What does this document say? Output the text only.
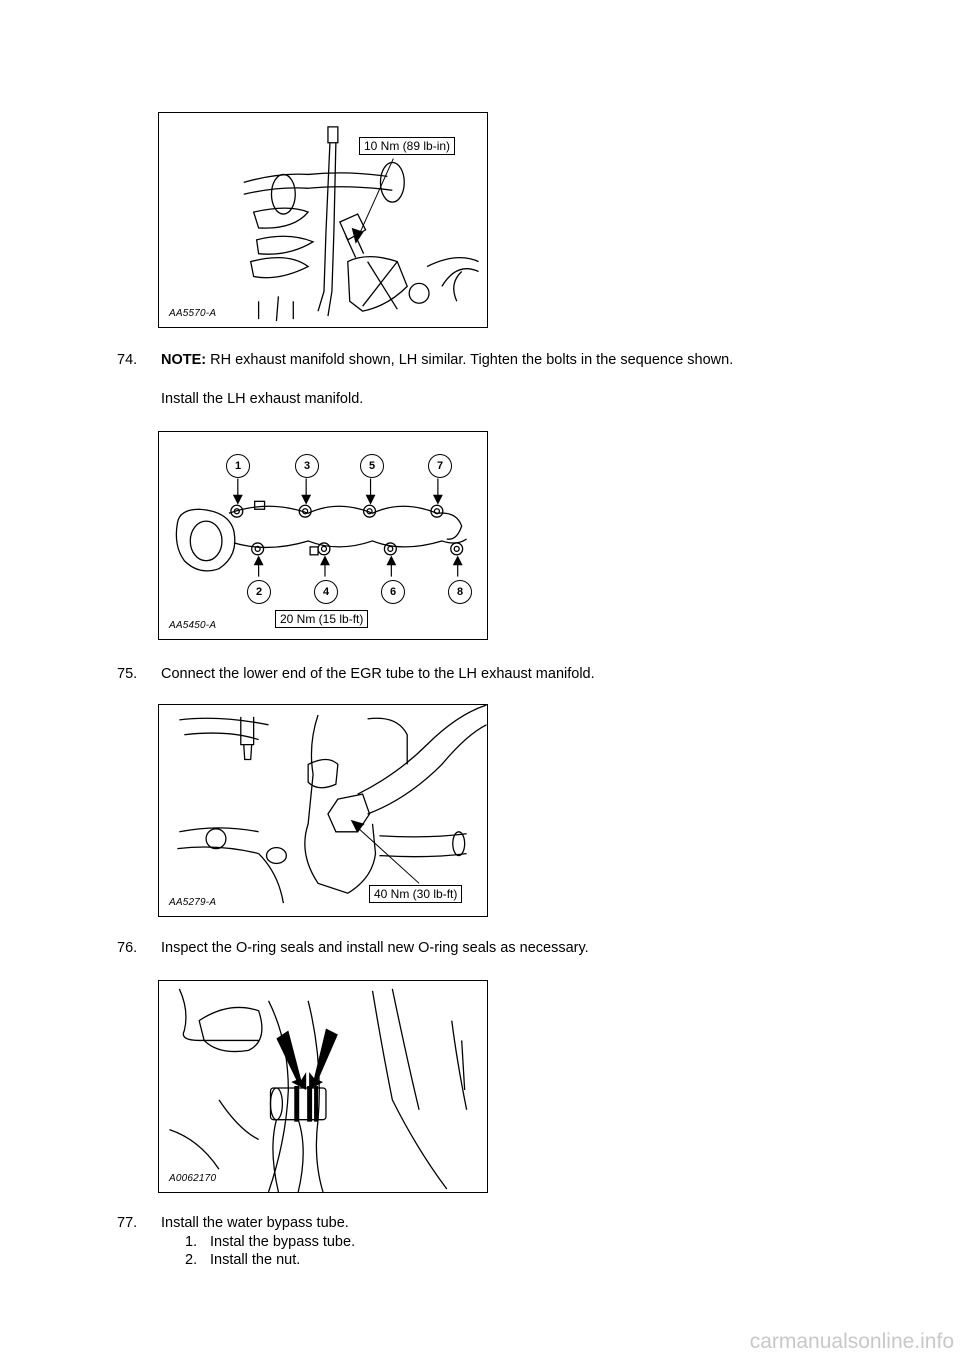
10 Nm (89 lb-in)
AA5570-A
74. NOTE: RH exhaust manifold shown, LH similar. Tighten the bolts in the sequence shown.
Install the LH exhaust manifold.
1	3	5	7
2	4	6	8
20 Nm (15 lb-ft)
AA5450-A
75. Connect the lower end of the EGR tube to the LH exhaust manifold.
40 Nm (30 lb-ft)
AA5279-A
76. Inspect the O-ring seals and install new O-ring seals as necessary.
A0062170
77. Install the water bypass tube.
1. Instal the bypass tube.
2. Install the nut.
carmanualsonline.info
